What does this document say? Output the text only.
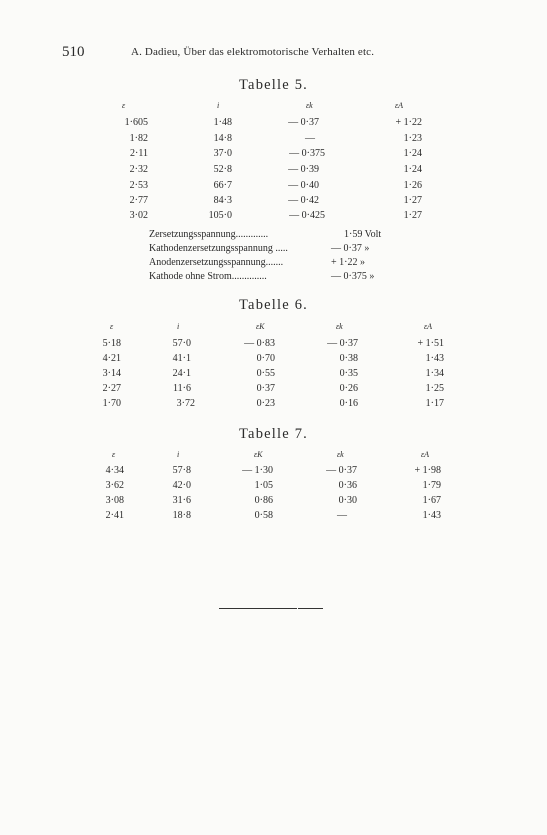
510	A. Dadieu, Über das elektromotorische Verhalten etc.
Tabelle 5.
ε	i	εk	εA
1·605	1·48	— 0·37	+ 1·22
1·82	14·8	—	1·23
2·11	37·0	— 0·375	1·24
2·32	52·8	— 0·39	1·24
2·53	66·7	— 0·40	1·26
2·77	84·3	— 0·42	1·27
3·02	105·0	— 0·425	1·27
Zersetzungsspannung.............	1·59 Volt
Kathodenzersetzungsspannung .....	— 0·37 »
Anodenzersetzungsspannung.......	+ 1·22 »
Kathode ohne Strom..............	— 0·375 »
Tabelle 6.
ε	i	εK	εk	εA
5·18	57·0	— 0·83	— 0·37	+ 1·51
4·21	41·1	0·70	0·38	1·43
3·14	24·1	0·55	0·35	1·34
2·27	11·6	0·37	0·26	1·25
1·70	3·72	0·23	0·16	1·17
Tabelle 7.
ε	i	εK	εk	εA
4·34	57·8	— 1·30	— 0·37	+ 1·98
3·62	42·0	1·05	0·36	1·79
3·08	31·6	0·86	0·30	1·67
2·41	18·8	0·58	—	1·43
